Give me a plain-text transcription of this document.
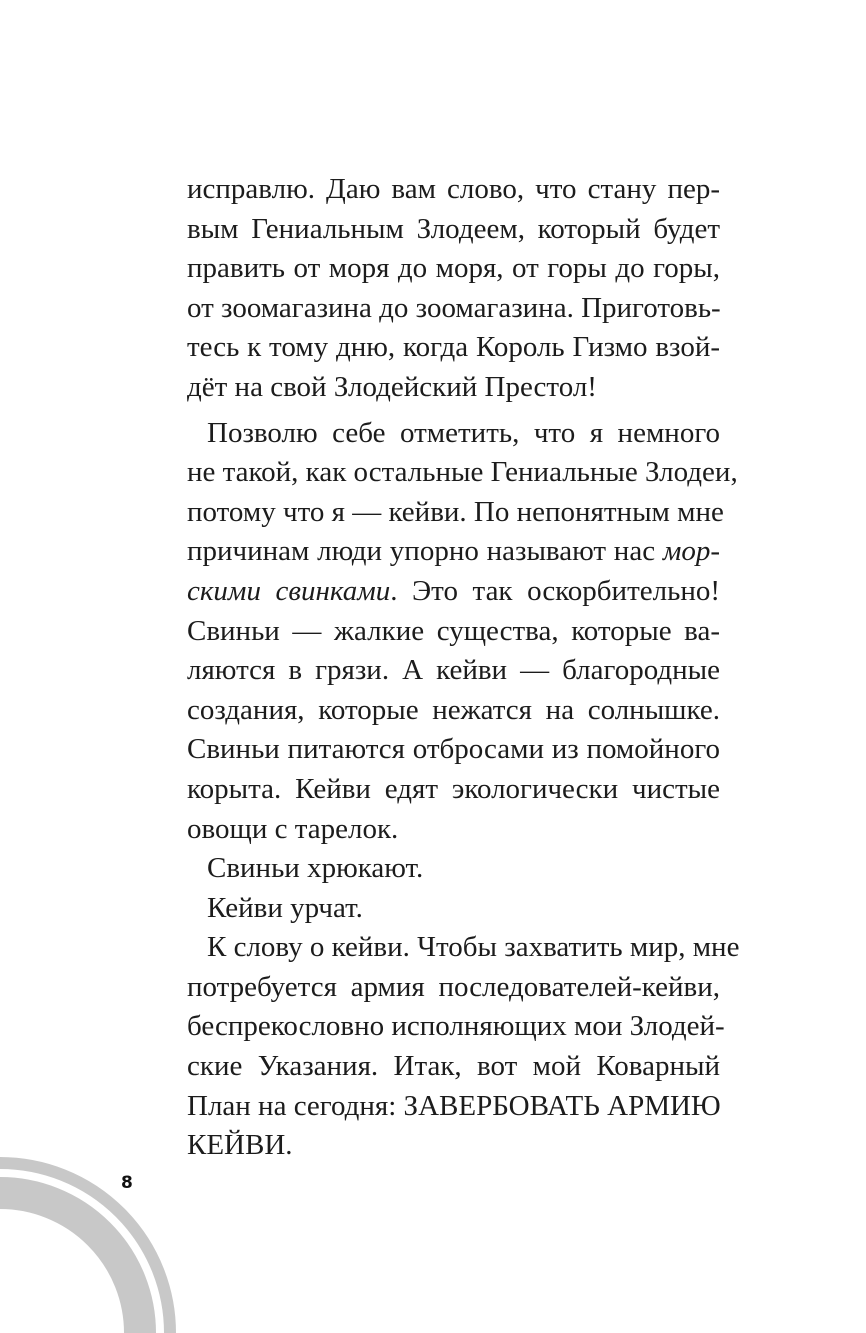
исправлю. Даю вам слово, что стану пер-
вым Гениальным Злодеем, который будет
править от моря до моря, от горы до горы,
от зоомагазина до зоомагазина. Приготовь-
тесь к тому дню, когда Король Гизмо взой-
дёт на свой Злодейский Престол!
Позволю себе отметить, что я немного
не такой, как остальные Гениальные Злодеи,
потому что я — кейви. По непонятным мне
причинам люди упорно называют нас мор-
скими свинками. Это так оскорбительно!
Свиньи — жалкие существа, которые ва-
ляются в грязи. А кейви — благородные
создания, которые нежатся на солнышке.
Свиньи питаются отбросами из помойного
корыта. Кейви едят экологически чистые
овощи с тарелок.
Свиньи хрюкают.
Кейви урчат.
К слову о кейви. Чтобы захватить мир, мне
потребуется армия последователей-кейви,
беспрекословно исполняющих мои Злодей-
ские Указания. Итак, вот мой Коварный
План на сегодня: ЗАВЕРБОВАТЬ АРМИЮ
КЕЙВИ.
8
